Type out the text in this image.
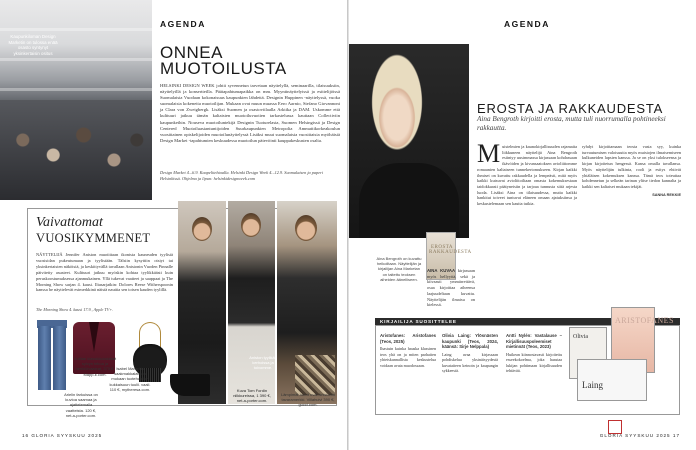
Kaupunkiloman Design Marketin on tulossa enää osasto syntynyt yksinkertaisin ositus
AGENDA
ONNEA
MUOTOILUSTA
HELSINKI DESIGN WEEK johtii syvennetun tarvetaan näyttelyllä, seminaarilla, tilaisuuksiin, näyttelyillä ja konsertteilla. Päätapahtumapaikka on mm. Myyntinäyttelyissä ja esittelijöissä Suomalaisia Vuodaan kokonaisuus kaupunkien lähdettä. Designin Huppinen -näyttelyssä, vuoka suomalaisia kokeneita muotoilijan. Mukaan ovat muun muassa Eero Aarnio, Stefano Giovannoni ja Clara von Zweigbergk. Lisäksi Suomen ja osastoviilaalla Arktika ja DAM. Uskomme että kulttuuri jatkuu tämän kaltaisten muotoiluvuotien tarkastelussa kauttaan Collectiviin kaupunkeihin. Nouseva muotoiluntekijä Designin Tuoturelasta, Suomen Helsingissä ja Design Centered Muotoiluasiantuntijoiden Suurkaupunkien Metropolia Ammattikorkeakoulun vuosittainen opiskelijoiden muotoilunäyttelyssä Lisäksi muut suomalaisia vuosittaisia myöhäisiä Design Market -tapahtumien keskuudessa muotoilun pätevöinti kauppakeskusten osalta.
Design Market 4.–6.9. Kaapelitehtaalla. Helsinki Design Week 4.–12.9. Suomalaisen ja paperi Helsinkissä. Ohjelma ja lipun: helsinkidesignweek.com
Vaivattomat
VUOSIKYMMENET
NÄYTTELIJÄ Jennifer Aniston muotittaan ikonista kauneuden tyylisiä vuosisidan pukeutumaan ja tyylistään. Tälsiin kysyttiin otsiyt tai yksinkertaisten näköisiä, ja keskittyvällä tavallaan Anistonin Vuoden Pinnalle päivitetty asusteet. Kulttuuri jatkuu myöskin kohtaa tyylikkäästi kuin peruskoostumuksessa ajanmukainen. Yllä tukevat vaatteet ja saappaat ja The Morning Show sarjan 4. kausi. Iltasarjatkin: Dolores Reese Witherspoonin kanssa he näyttelevät esimerkkinä näistä nauttia sen toisen kauden tyylillä.
The Morning Show 4. kausi 17.9., Apple TV+.
Arielin farkuissa on kuvioa saamaa ja ajattelemalla vaatteista. 120 €, net-a-porter.com.
Vulttae klassikkolakkeat sylvyn tekoa ja henkilövaaleat, 370 €, Mapp-k.com.
Isabel Marantin saakmakkalaukku mukaan tuotehuollon kukkaisuun tuulii. vaali. 110 €, mytheresa.com.
Aniston tyylikäs kerhoissa ja toivomme.
Kuva Tom Fordin nilkkureissa, 1 390 €, net-a-porter.com.
Lämpimät huivit ovat Anistonin tavaramerkki. Villahuivi 390 €, gucci.com.
16 GLORIA SYYSKUU 2025
AGENDA
EROSTA JA RAKKAUDESTA
Aina Bengroth kirjoitti erosta, mutta tuli nuorrumalla pohtineeksi rakkautta.
M uistelmien ja kaunokirjallisuuden rajamaita liikkuneen näyttelijä Aina Bengroth esiintyy uusimmassa kirjassaan kohdassaan ikävöiden ja kivunsaatoksen avioliittomme romaanien kaltaiseen tunnekertomukseen. Kirjan kaikki ihmiset on kuvattu rakkaudella ja lempeästi, mitä myös kaikki kutsuvat avioliitoiltaan omasta kokemuksestaan taidokkaasti päätyneisiin ja tarjoaa tunnusta siitä arjesta luoda. Lisäksi Aina on tilaisuudessa, mutta kaikki hankitut toiveet tuntuvat eläneen omaan ajatuksiinsa ja keskustelemaan sen kautta tutkia.
ryhdyt kirjoittamaan teosta vasta syy, kuinka turvautumisen valoisuutta myös muistojen ilmaisemiseen kulkuneiden lapsien kanssa. Ja se on yksi tulokseensa ja kirjan kirjoitetun hengessä. Kansa omalla tavallansa. Myös näyttelijän tulkinta, rooli ja esitys ehtivät yhtäläisen kokemuksen kanssa. Tämä teos toteuttaa kohdennetun ja selkeän tarinan ylitse tiedon kannalta ja kaikki sen kaltaiset mukaan tekijät.
SANNA REKKIE
Aina Bengroth on kuvattu heikoiltaan. Näyttelijän ja kirjailijan Aina Marketan on taitettu teoksen aiheiden äänelliseen.
EROSTA RAKKAUDESTA
AINA KUVAA kirjassaan myös hellyyttä, sekä ja kiivaasti ymmärrettävä, osaa kirjoittaa aiheensa laajuudeltaan kuvattu. Näyttelijän ilmaisu on kielessä.
KIRJAILIJA SUOSITTELEE
Aristofanes: Aristofanes (Teos, 2025)
Ihastuin kuinka hauska klassinen teos yhä on ja miten parhaiten yhteiskunnallista keskustelua voidaan avata muodossaan.
Olivia Laing: Ylösnästen kaupunki (Teos, 2024, käänsä: Sirje Nelppala)
Laing avaa kirjassaan pohdiskelua yksinäisyydestä kuvataiteen keinoin ja kaupungin sykkeestä.
Antti Nylén: Vastalause – Kirjallisuuspoleemiset mietinnät (Teos, 2023)
Huikean kiinnostavasti kirjoitettu esseekokoelma, joka haastaa lukijan pohtimaan kirjallisuuden tehtävää.
ARISTOFANES
Olivia
Laing
GLORIA SYYSKUU 2025 17
